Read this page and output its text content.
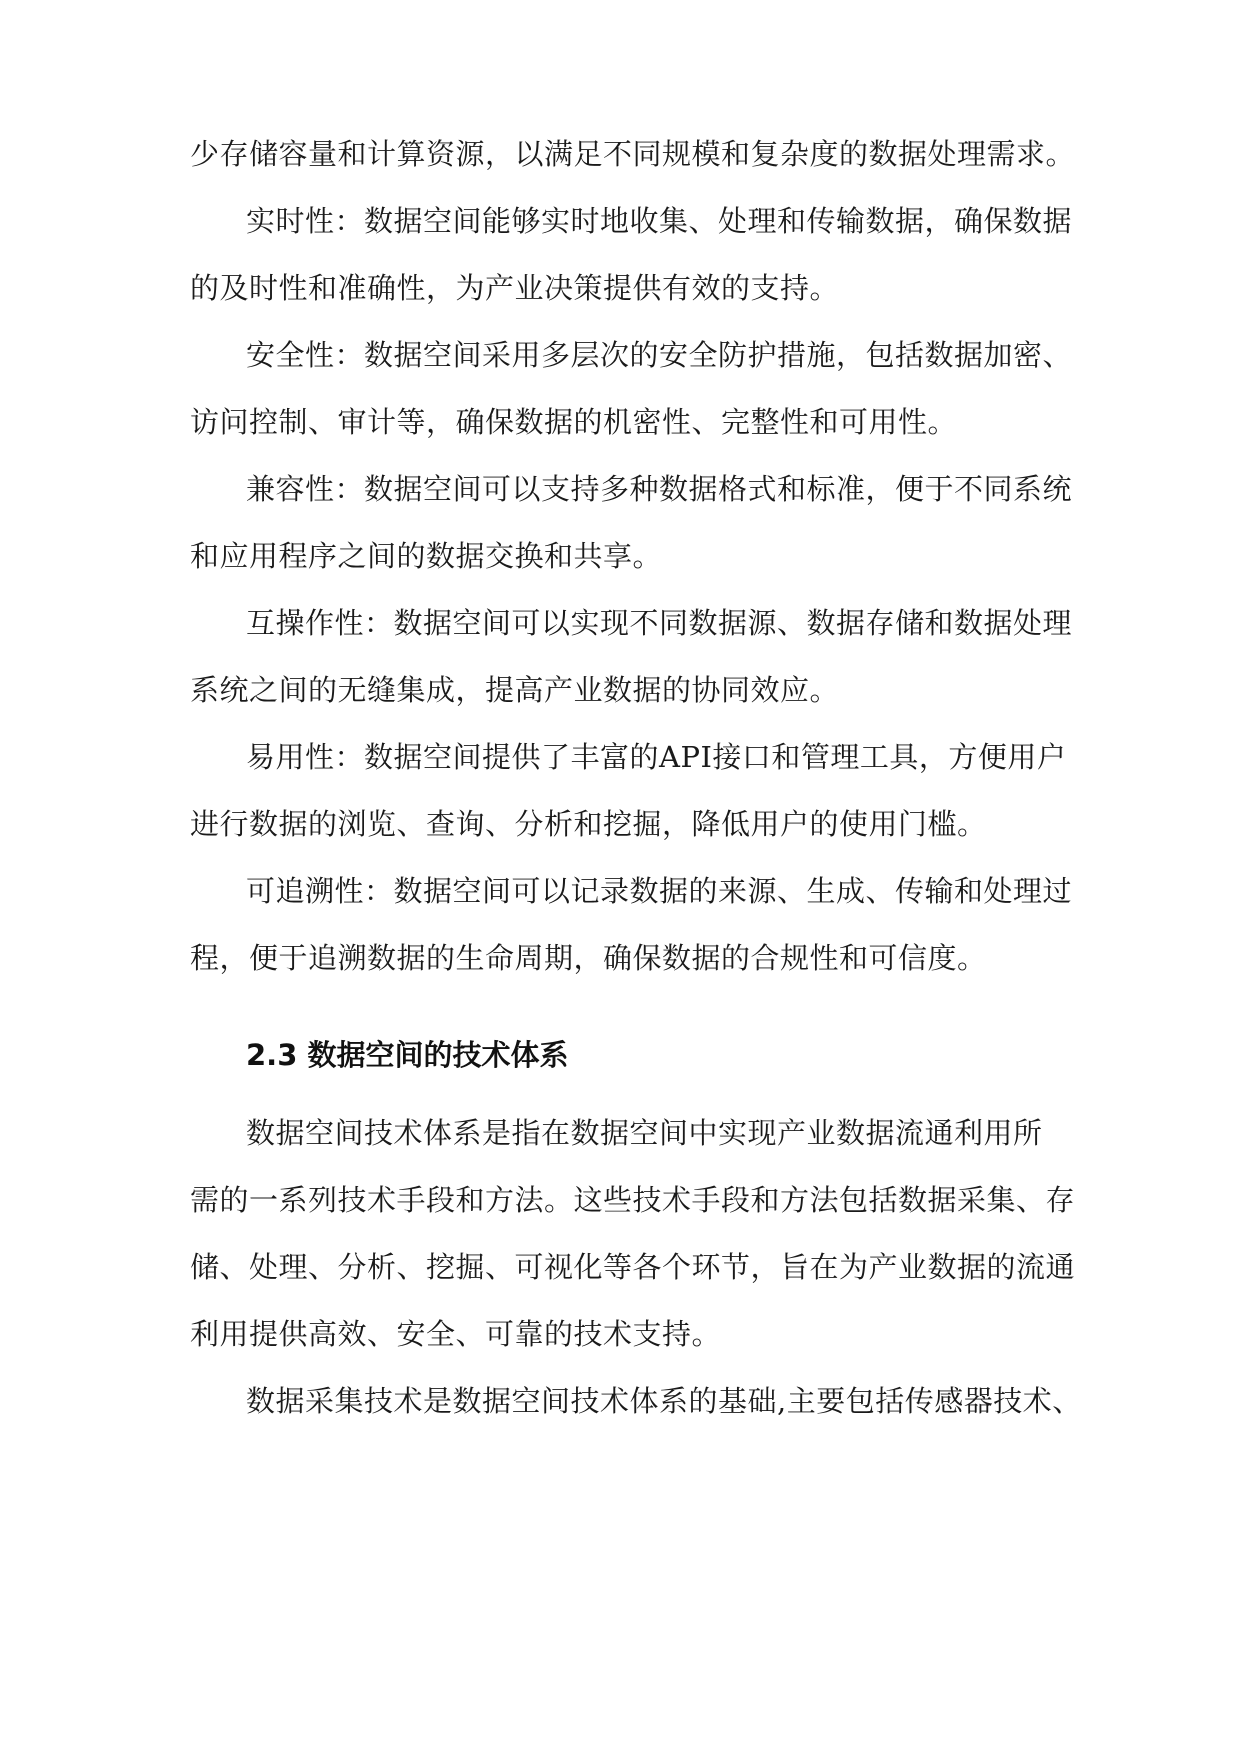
少存储容量和计算资源，以满足不同规模和复杂度的数据处理需求。
实时性：数据空间能够实时地收集、处理和传输数据，确保数据
的及时性和准确性，为产业决策提供有效的支持。
安全性：数据空间采用多层次的安全防护措施，包括数据加密、
访问控制、审计等，确保数据的机密性、完整性和可用性。
兼容性：数据空间可以支持多种数据格式和标准，便于不同系统
和应用程序之间的数据交换和共享。
互操作性：数据空间可以实现不同数据源、数据存储和数据处理
系统之间的无缝集成，提高产业数据的协同效应。
易用性：数据空间提供了丰富的API接口和管理工具，方便用户
进行数据的浏览、查询、分析和挖掘，降低用户的使用门槛。
可追溯性：数据空间可以记录数据的来源、生成、传输和处理过
程，便于追溯数据的生命周期，确保数据的合规性和可信度。
2.3 数据空间的技术体系
数据空间技术体系是指在数据空间中实现产业数据流通利用所
需的一系列技术手段和方法。这些技术手段和方法包括数据采集、存
储、处理、分析、挖掘、可视化等各个环节，旨在为产业数据的流通
利用提供高效、安全、可靠的技术支持。
数据采集技术是数据空间技术体系的基础,主要包括传感器技术、
